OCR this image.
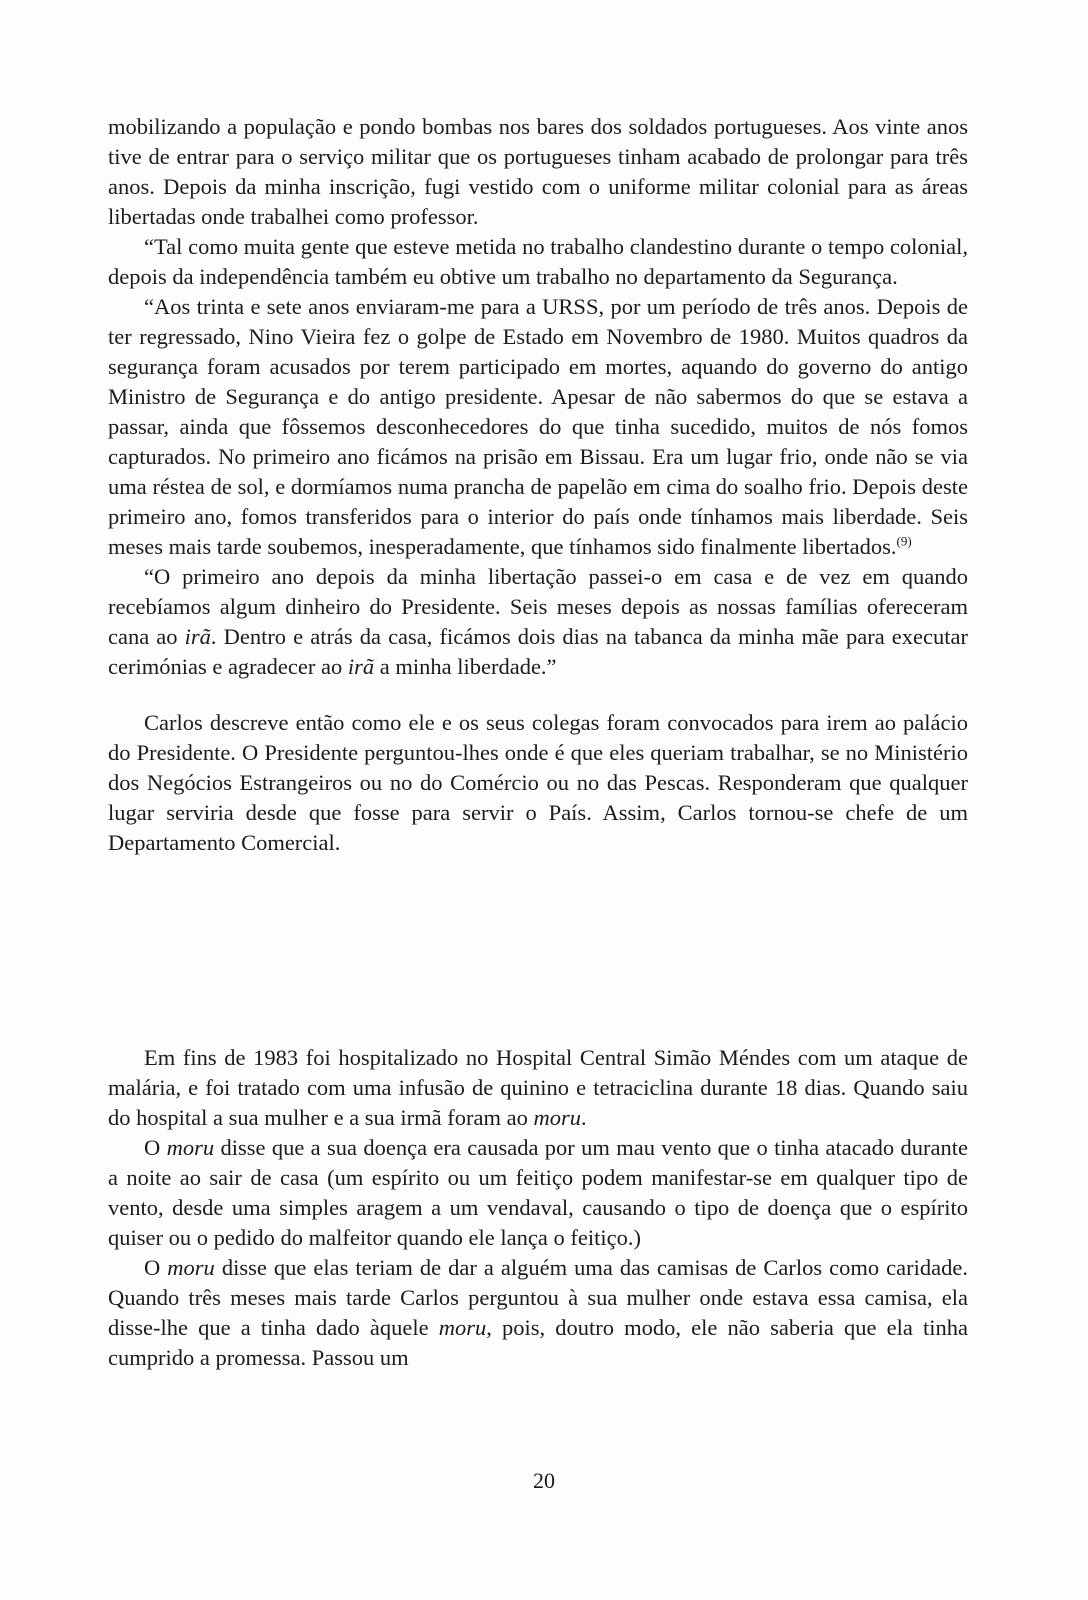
mobilizando a população e pondo bombas nos bares dos soldados portugueses. Aos vinte anos tive de entrar para o serviço militar que os portugueses tinham acabado de prolongar para três anos. Depois da minha inscrição, fugi vestido com o uniforme militar colonial para as áreas libertadas onde trabalhei como professor.

“Tal como muita gente que esteve metida no trabalho clandestino durante o tempo colonial, depois da independência também eu obtive um trabalho no departamento da Segurança.

“Aos trinta e sete anos enviaram-me para a URSS, por um período de três anos. Depois de ter regressado, Nino Vieira fez o golpe de Estado em Novembro de 1980. Muitos quadros da segurança foram acusados por terem participado em mortes, aquando do governo do antigo Ministro de Segurança e do antigo presidente. Apesar de não sabermos do que se estava a passar, ainda que fôssemos desconhecedores do que tinha sucedido, muitos de nós fomos capturados. No primeiro ano ficámos na prisão em Bissau. Era um lugar frio, onde não se via uma réstea de sol, e dormíamos numa prancha de papelão em cima do soalho frio. Depois deste primeiro ano, fomos transferidos para o interior do país onde tínhamos mais liberdade. Seis meses mais tarde soubemos, inesperadamente, que tínhamos sido finalmente libertados.$^{(9)}$

“O primeiro ano depois da minha libertação passei-o em casa e de vez em quando recebíamos algum dinheiro do Presidente. Seis meses depois as nossas famílias ofereceram cana ao irã. Dentro e atrás da casa, ficámos dois dias na tabanca da minha mãe para executar cerimónias e agradecer ao irã a minha liberdade.”

Carlos descreve então como ele e os seus colegas foram convocados para irem ao palácio do Presidente. O Presidente perguntou-lhes onde é que eles queriam trabalhar, se no Ministério dos Negócios Estrangeiros ou no do Comércio ou no das Pescas. Responderam que qualquer lugar serviria desde que fosse para servir o País. Assim, Carlos tornou-se chefe de um Departamento Comercial.

Em fins de 1983 foi hospitalizado no Hospital Central Simão Méndes com um ataque de malária, e foi tratado com uma infusão de quinino e tetraciclina durante 18 dias. Quando saiu do hospital a sua mulher e a sua irmã foram ao moru.

O moru disse que a sua doença era causada por um mau vento que o tinha atacado durante a noite ao sair de casa (um espírito ou um feitiço podem manifestar-se em qualquer tipo de vento, desde uma simples aragem a um vendaval, causando o tipo de doença que o espírito quiser ou o pedido do malfeitor quando ele lança o feitiço.)

O moru disse que elas teriam de dar a alguém uma das camisas de Carlos como caridade. Quando três meses mais tarde Carlos perguntou à sua mulher onde estava essa camisa, ela disse-lhe que a tinha dado àquele moru, pois, doutro modo, ele não saberia que ela tinha cumprido a promessa. Passou um

20
